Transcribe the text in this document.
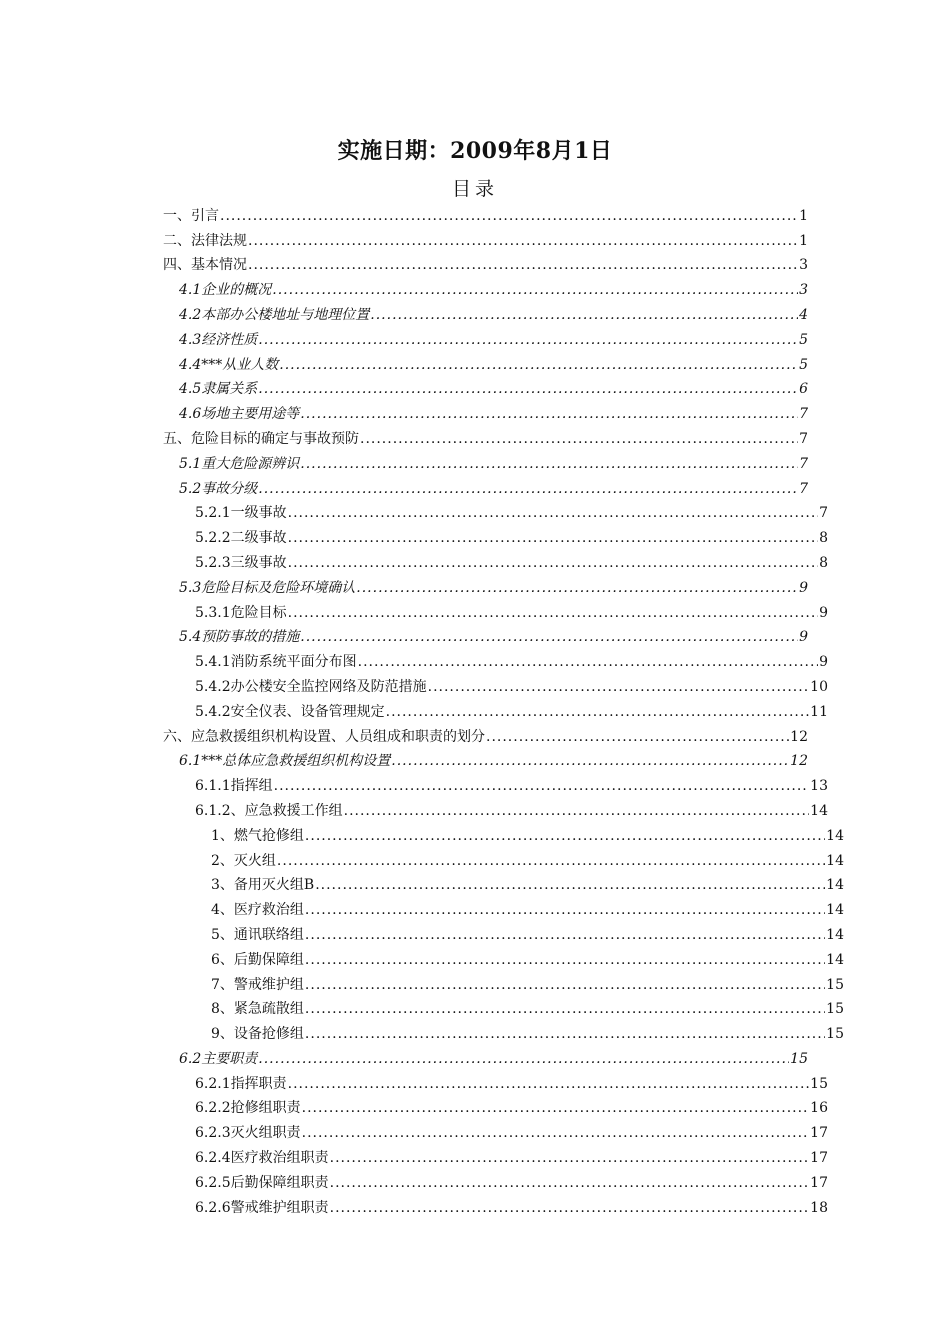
实施日期：2009年8月1日
目录
一、引言 .....	1
二、法律法规 .....	1
四、基本情况 .....	3
4.1企业的概况 .....	3
4.2本部办公楼地址与地理位置 .....	4
4.3经济性质 .....	5
4.4***从业人数 .....	5
4.5隶属关系 .....	6
4.6场地主要用途等 .....	7
五、危险目标的确定与事故预防 .....	7
5.1重大危险源辨识 .....	7
5.2事故分级 .....	7
5.2.1一级事故 .....	7
5.2.2二级事故 .....	8
5.2.3三级事故 .....	8
5.3危险目标及危险环境确认 .....	9
5.3.1危险目标 .....	9
5.4预防事故的措施 .....	9
5.4.1消防系统平面分布图 .....	9
5.4.2办公楼安全监控网络及防范措施 .....	10
5.4.2安全仪表、设备管理规定 .....	11
六、应急救援组织机构设置、人员组成和职责的划分 .....	12
6.1***总体应急救援组织机构设置 .....	12
6.1.1指挥组 .....	13
6.1.2、应急救援工作组 .....	14
1、燃气抢修组 .....	14
2、灭火组 .....	14
3、备用灭火组B .....	14
4、医疗救治组 .....	14
5、通讯联络组 .....	14
6、后勤保障组 .....	14
7、警戒维护组 .....	15
8、紧急疏散组 .....	15
9、设备抢修组 .....	15
6.2主要职责 .....	15
6.2.1指挥职责 .....	15
6.2.2抢修组职责 .....	16
6.2.3灭火组职责 .....	17
6.2.4医疗救治组职责 .....	17
6.2.5后勤保障组职责 .....	17
6.2.6警戒维护组职责 .....	18
